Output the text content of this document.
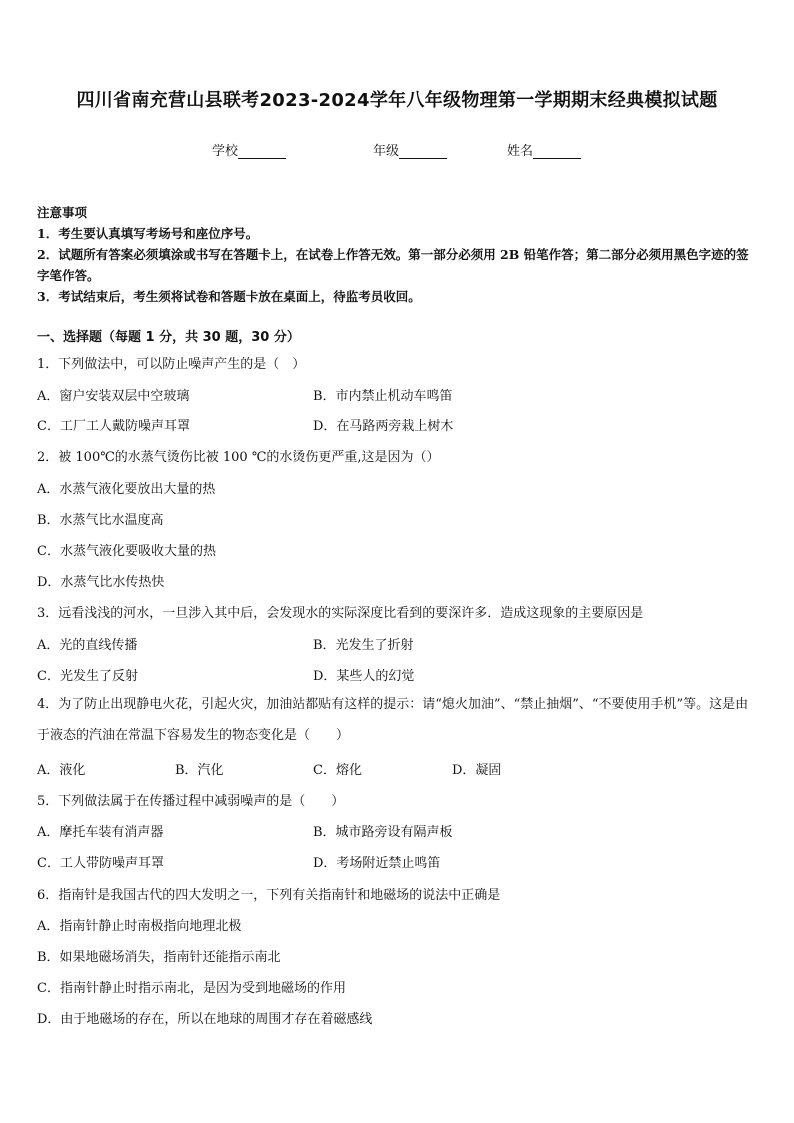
四川省南充营山县联考2023-2024学年八年级物理第一学期期末经典模拟试题
学校	年级	姓名

注意事项

1．考生要认真填写考场号和座位序号。

2．试题所有答案必须填涂或书写在答题卡上，在试卷上作答无效。第一部分必须用 2B 铅笔作答；第二部分必须用黑色字迹的签字笔作答。

3．考试结束后，考生须将试卷和答题卡放在桌面上，待监考员收回。

一、选择题（每题 1 分，共 30 题，30 分）
1．下列做法中，可以防止噪声产生的是（　）
A．窗户安装双层中空玻璃	B．市内禁止机动车鸣笛
C．工厂工人戴防噪声耳罩	D．在马路两旁栽上树木
2．被 100℃的水蒸气烫伤比被 100 ℃的水烫伤更严重,这是因为（）
A．水蒸气液化要放出大量的热
B．水蒸气比水温度高
C．水蒸气液化要吸收大量的热
D．水蒸气比水传热快
3．远看浅浅的河水，一旦涉入其中后，会发现水的实际深度比看到的要深许多．造成这现象的主要原因是
A．光的直线传播	B．光发生了折射
C．光发生了反射	D．某些人的幻觉
4．为了防止出现静电火花，引起火灾，加油站都贴有这样的提示：请“熄火加油”、“禁止抽烟”、“不要使用手机”等。这是由于液态的汽油在常温下容易发生的物态变化是（　　）
A．液化	B．汽化	C．熔化	D．凝固
5．下列做法属于在传播过程中减弱噪声的是（　　）
A．摩托车装有消声器	B．城市路旁设有隔声板
C．工人带防噪声耳罩	D．考场附近禁止鸣笛
6．指南针是我国古代的四大发明之一，下列有关指南针和地磁场的说法中正确是
A．指南针静止时南极指向地理北极
B．如果地磁场消失，指南针还能指示南北
C．指南针静止时指示南北，是因为受到地磁场的作用
D．由于地磁场的存在，所以在地球的周围才存在着磁感线
